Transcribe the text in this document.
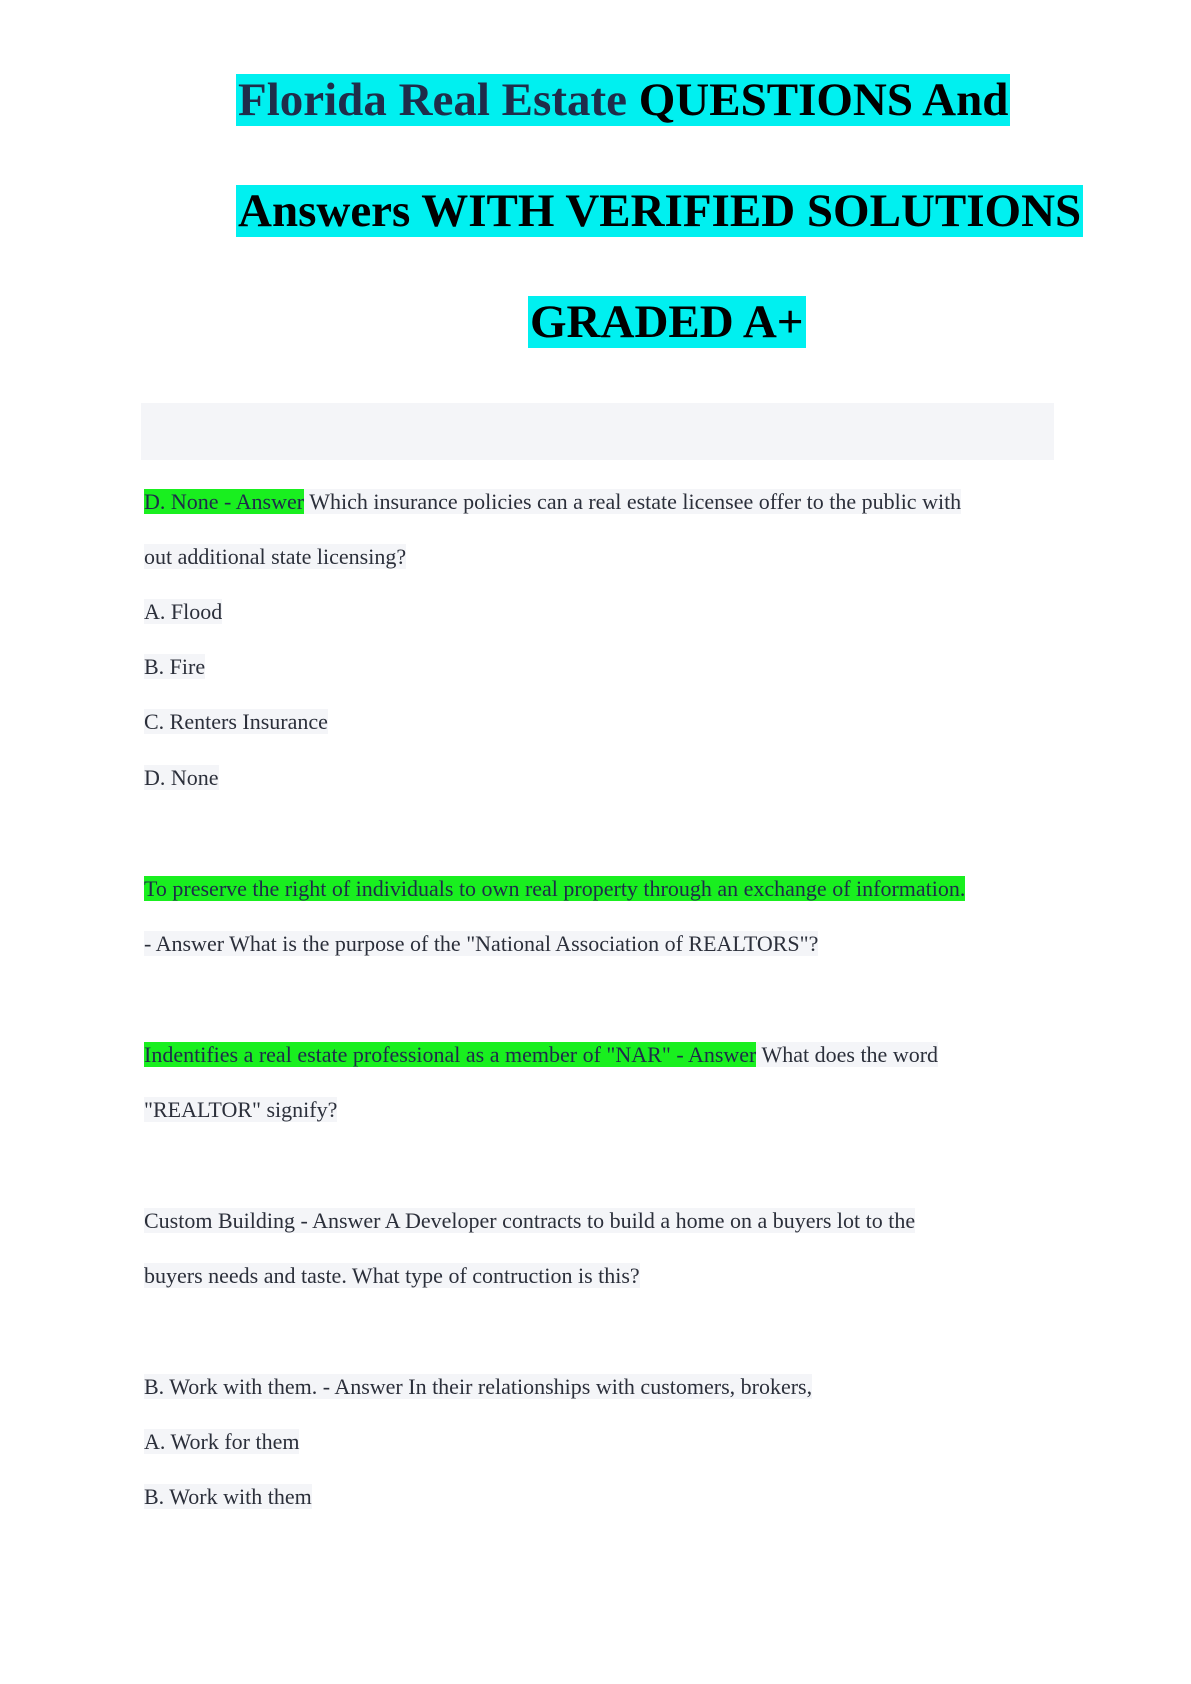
Florida Real Estate QUESTIONS And
Answers WITH VERIFIED SOLUTIONS
GRADED A+
D. None - Answer Which insurance policies can a real estate licensee offer to the public with
out additional state licensing?
A. Flood
B. Fire
C. Renters Insurance
D. None
To preserve the right of individuals to own real property through an exchange of information.
- Answer What is the purpose of the "National Association of REALTORS"?
Indentifies a real estate professional as a member of "NAR" - Answer What does the word
"REALTOR" signify?
Custom Building - Answer A Developer contracts to build a home on a buyers lot to the
buyers needs and taste. What type of contruction is this?
B. Work with them. - Answer In their relationships with customers, brokers,
A. Work for them
B. Work with them
